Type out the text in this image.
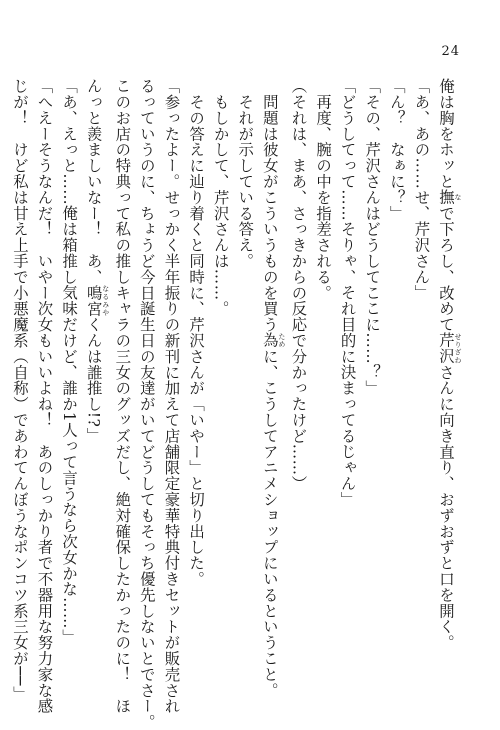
24
俺は胸をホッと撫 なで下ろし、改めて芹沢 せりざわさんに向き直り、おずおずと口を開く。
「あ、あの……せ、芹沢さん」
「ん？　なぁに？」
「その、芹沢さんはどうしてここに……？」
「どうしてって……そりゃ、それ目的に決まってるじゃん」
　再度、腕の中を指差される。
（それは、まあ、さっきからの反応で分かったけど……）
　問題は彼女がこういうものを買う為 ために、こうしてアニメショップにいるということ。
　それが示している答え。
　もしかして、芹沢さんは……。
　その答えに辿り着くと同時に、芹沢さんが「いやー」と切り出した。
「参ったよー。せっかく半年振りの新刊に加えて店舗限定豪華特典付きセットが販売され
るっていうのに、ちょうど今日誕生日の友達がいてどうしてもそっち優先しないとでさー。
このお店の特典って私の推しキャラの三女のグッズだし、絶対確保したかったのに！　ほ
んっと羨ましいなー！　あ、鳴宮 なるみやくんは誰推し!?」
「あ、えっと……俺は箱推し気味だけど、誰か1人って言うなら次女かな……」
「へえーそうなんだ！　いやー次女もいいよね！　あのしっかり者で不器用な努力家な感
じが！　けど私は甘え上手で小悪魔系（自称）であわてんぼうなポンコツ系三女が──」
